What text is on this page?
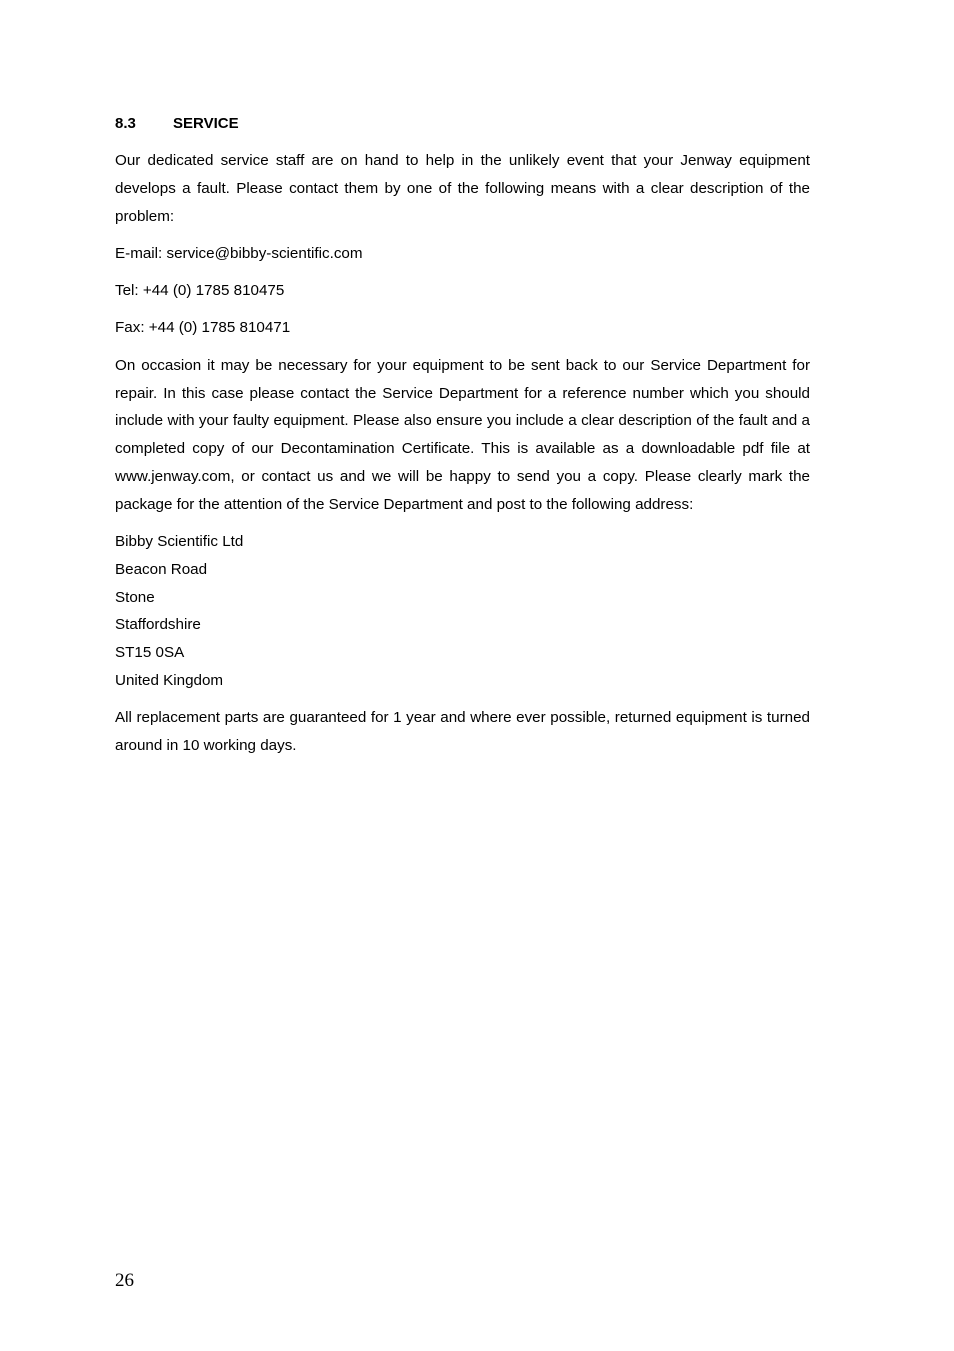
8.3 SERVICE

Our dedicated service staff are on hand to help in the unlikely event that your Jenway equipment develops a fault. Please contact them by one of the following means with a clear description of the problem:

E-mail: service@bibby-scientific.com

Tel: +44 (0) 1785 810475

Fax: +44 (0) 1785 810471

On occasion it may be necessary for your equipment to be sent back to our Service Department for repair. In this case please contact the Service Department for a reference number which you should include with your faulty equipment. Please also ensure you include a clear description of the fault and a completed copy of our Decontamination Certificate. This is available as a downloadable pdf file at www.jenway.com, or contact us and we will be happy to send you a copy. Please clearly mark the package for the attention of the Service Department and post to the following address:

Bibby Scientific Ltd
Beacon Road
Stone
Staffordshire
ST15 0SA
United Kingdom

All replacement parts are guaranteed for 1 year and where ever possible, returned equipment is turned around in 10 working days.

26
